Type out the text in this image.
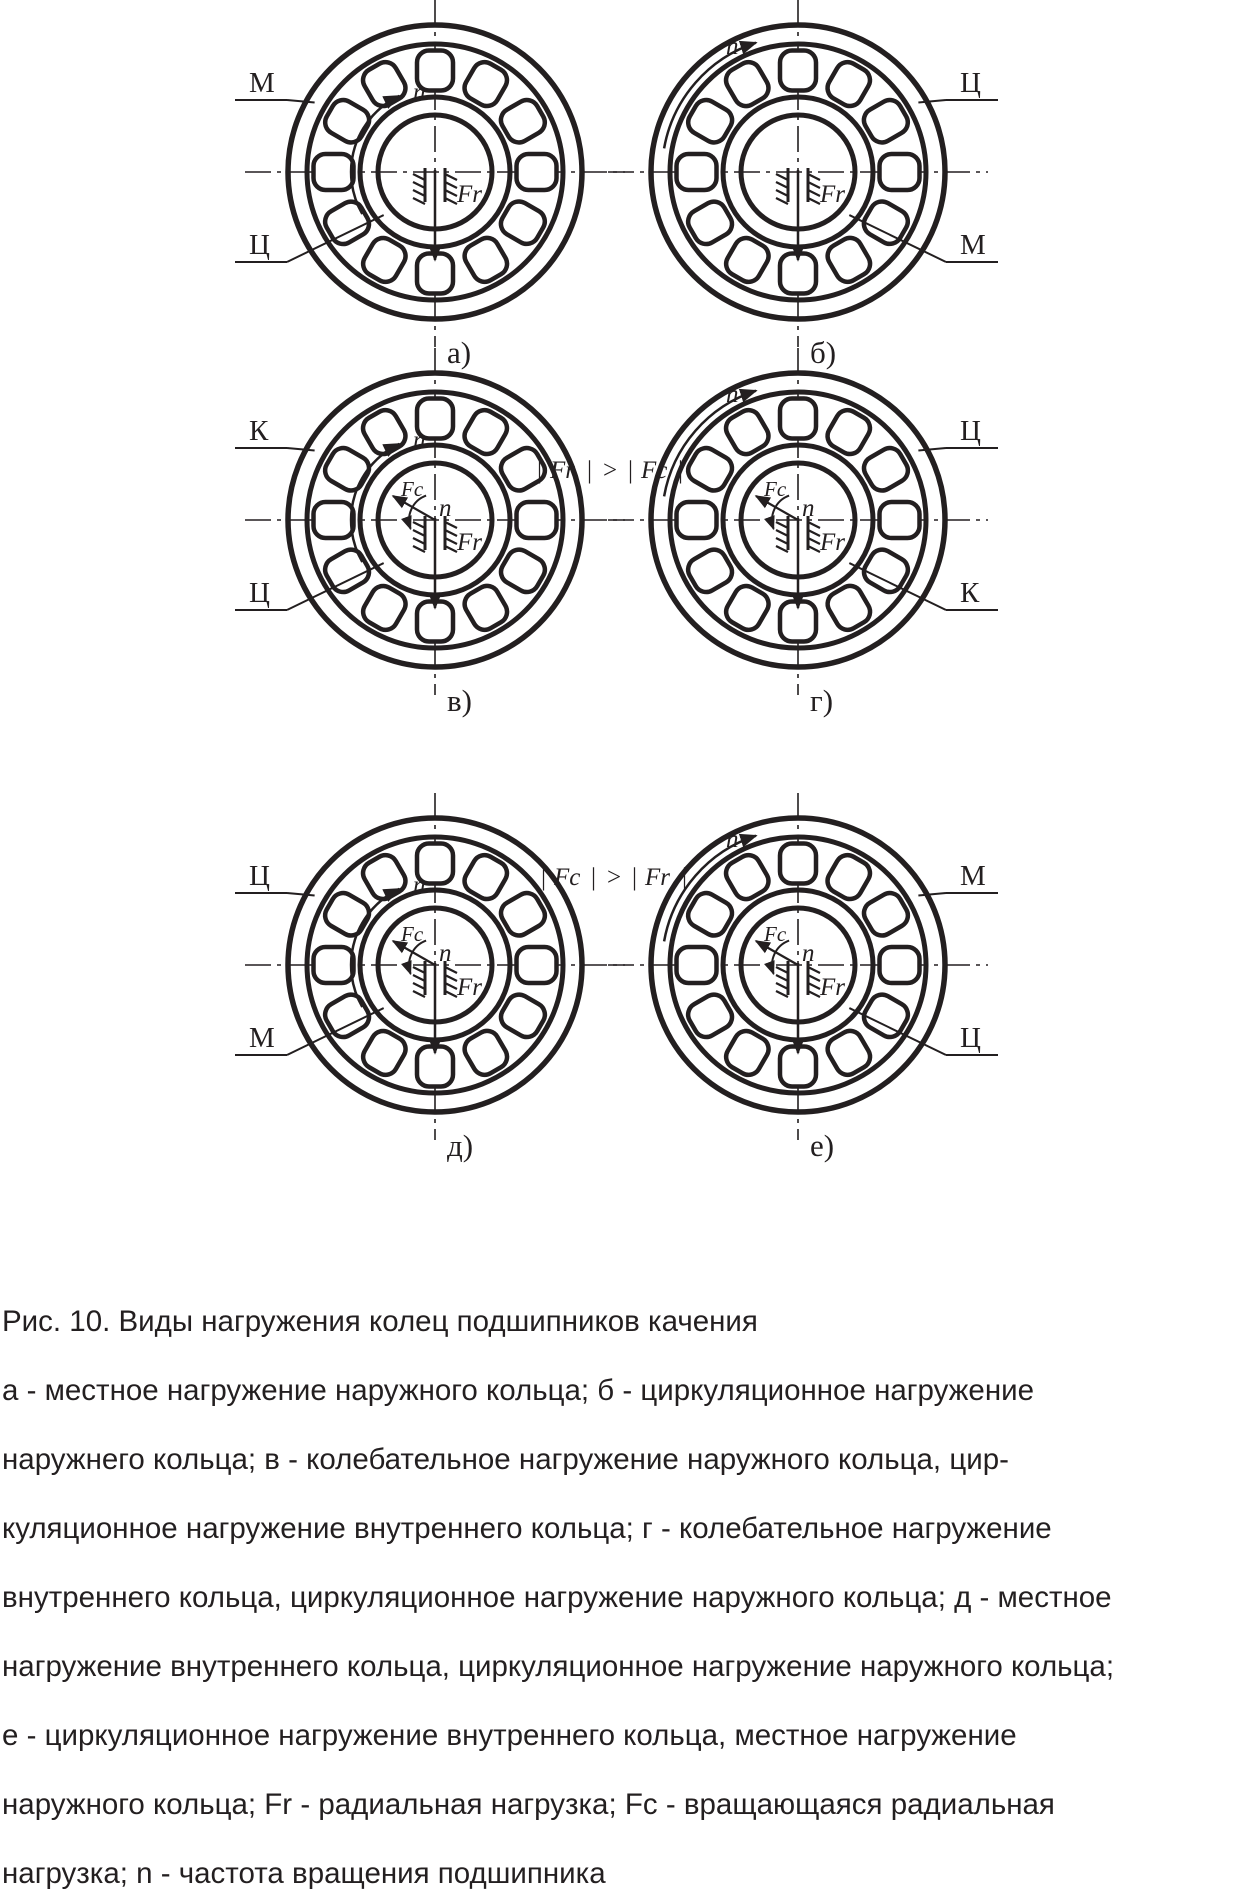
Fr
n
М
Ц
а)
Fr
n
Ц
М
б)
Fr
Fc
n
n
К
Ц
в)
Fr
Fc
n
n
Ц
К
г)
Fr
Fc
n
n
Ц
М
д)
Fr
Fc
n
n
М
Ц
е)
| Fr | > | Fc |
| Fc | > | Fr |
Рис. 10. Виды нагружения колец подшипников качения
а - местное нагружение наружного кольца; б - циркуляционное нагружение
наружнего кольца; в - колебательное нагружение наружного кольца, цир-
куляционное нагружение внутреннего кольца; г - колебательное нагружение
внутреннего кольца, циркуляционное нагружение наружного кольца; д - местное
нагружение внутреннего кольца, циркуляционное нагружение наружного кольца;
е - циркуляционное нагружение внутреннего кольца, местное нагружение
наружного кольца; Fr - радиальная нагрузка; Fc - вращающаяся радиальная
нагрузка; n - частота вращения подшипника
